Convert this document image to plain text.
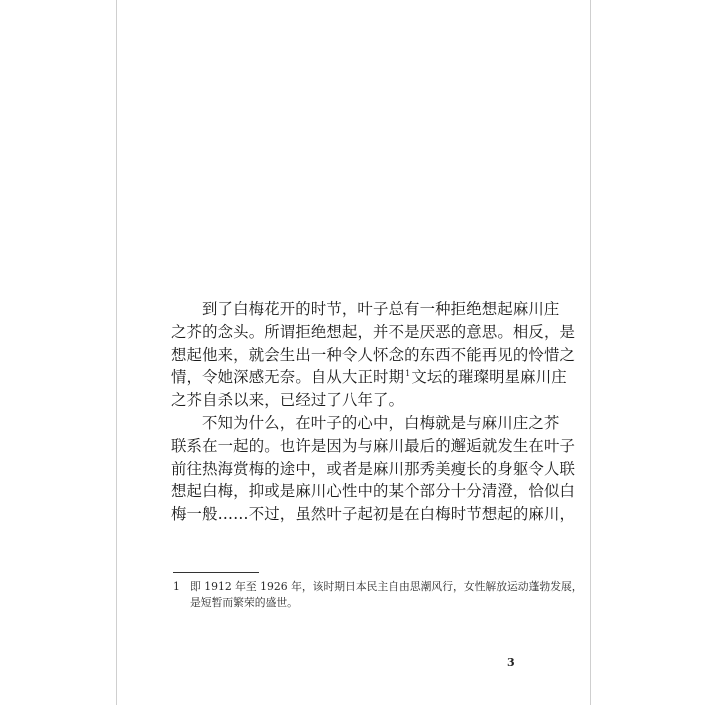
到了白梅花开的时节，叶子总有一种拒绝想起麻川庄
之芥的念头。所谓拒绝想起，并不是厌恶的意思。相反，是
想起他来，就会生出一种令人怀念的东西不能再见的怜惜之
情，令她深感无奈。自从大正时期$^1$文坛的璀璨明星麻川庄
之芥自杀以来，已经过了八年了。
不知为什么，在叶子的心中，白梅就是与麻川庄之芥
联系在一起的。也许是因为与麻川最后的邂逅就发生在叶子
前往热海赏梅的途中，或者是麻川那秀美瘦长的身躯令人联
想起白梅，抑或是麻川心性中的某个部分十分清澄，恰似白
梅一般……不过，虽然叶子起初是在白梅时节想起的麻川，
1 即 1912 年至 1926 年，该时期日本民主自由思潮风行，女性解放运动蓬勃发展，
是短暂而繁荣的盛世。
3
